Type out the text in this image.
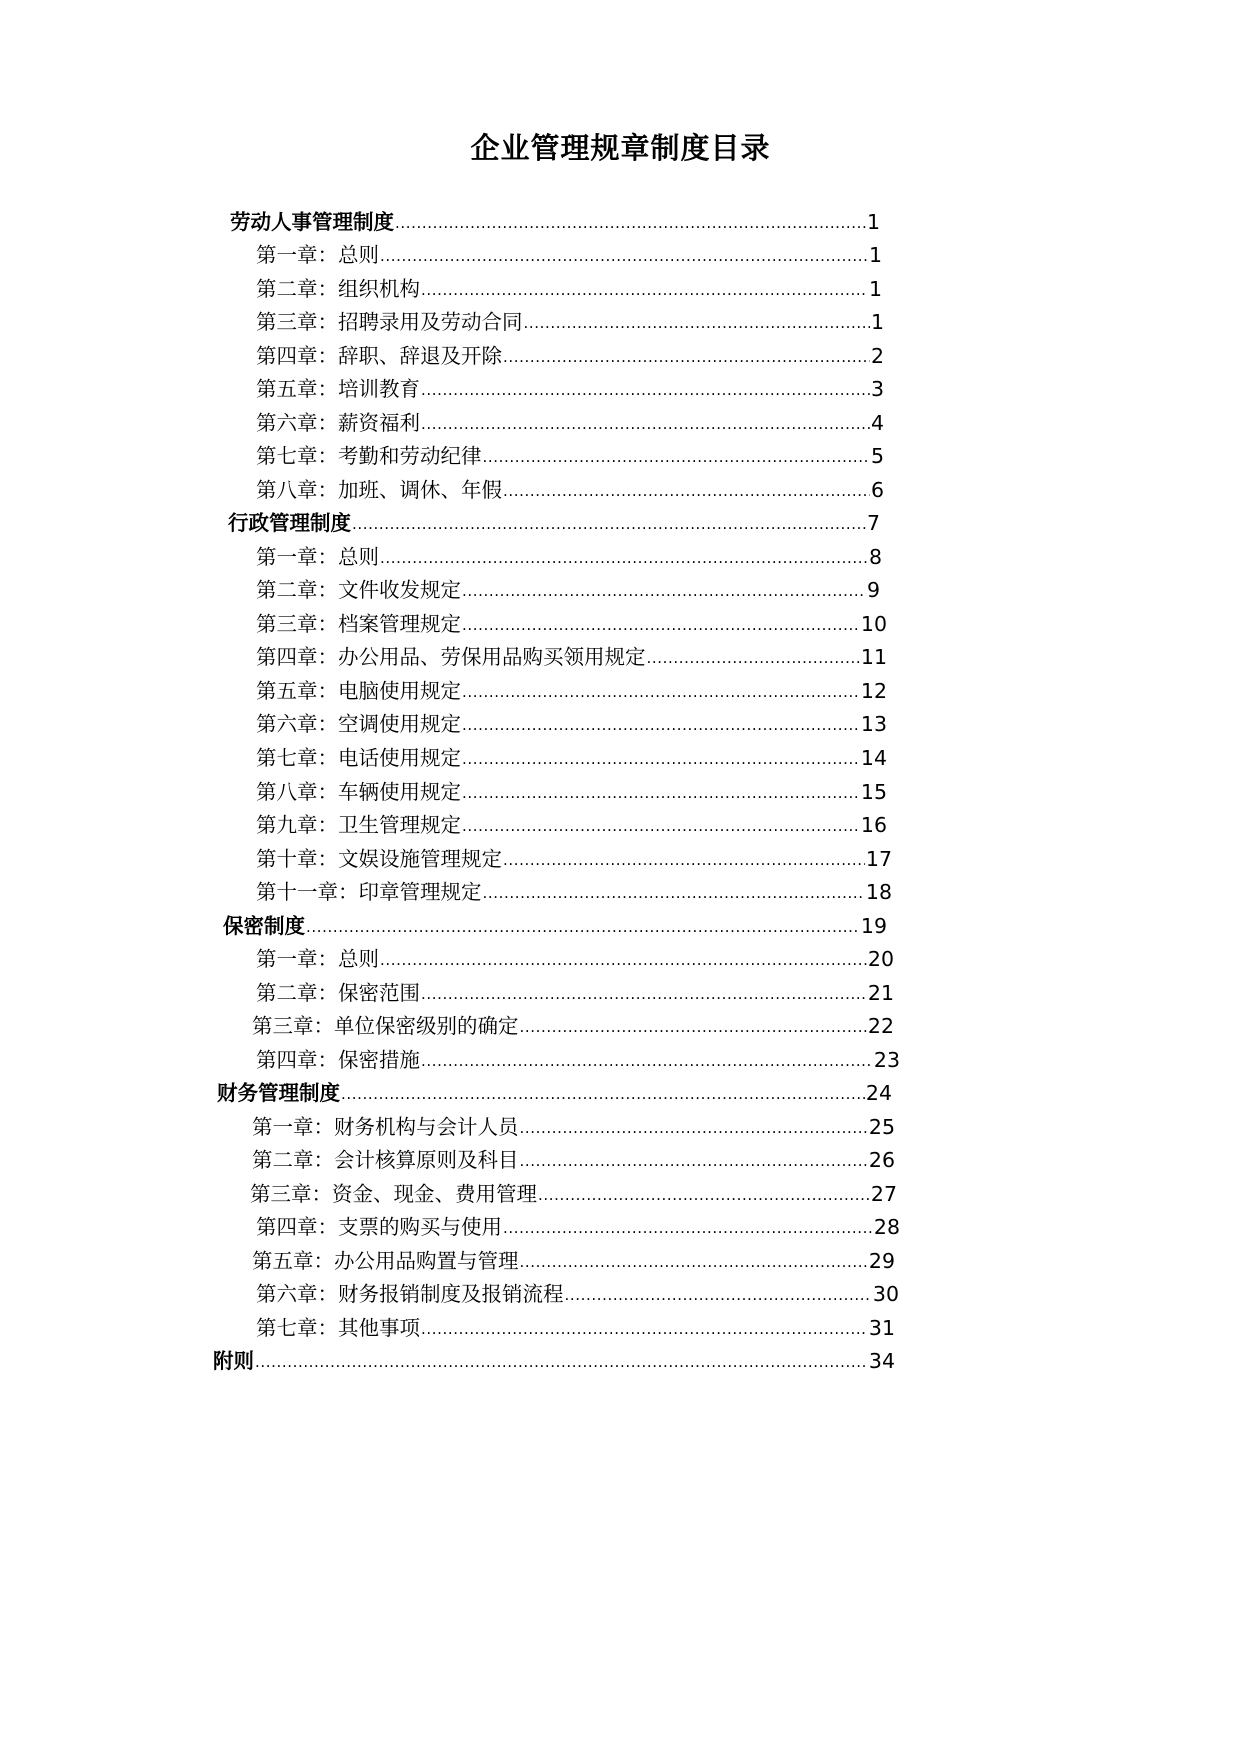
企业管理规章制度目录
劳动人事管理制度 .....	1
第一章：总则 .....	1
第二章：组织机构 .....	1
第三章：招聘录用及劳动合同 .....	1
第四章：辞职、辞退及开除 .....	2
第五章：培训教育 .....	3
第六章：薪资福利 .....	4
第七章：考勤和劳动纪律 .....	5
第八章：加班、调休、年假 .....	6
行政管理制度 .....	7
第一章：总则 .....	8
第二章：文件收发规定 .....	9
第三章：档案管理规定 .....	10
第四章：办公用品、劳保用品购买领用规定 .....	11
第五章：电脑使用规定 .....	12
第六章：空调使用规定 .....	13
第七章：电话使用规定 .....	14
第八章：车辆使用规定 .....	15
第九章：卫生管理规定 .....	16
第十章：文娱设施管理规定 .....	17
第十一章：印章管理规定 .....	18
保密制度 .....	19
第一章：总则 .....	20
第二章：保密范围 .....	21
第三章：单位保密级别的确定 .....	22
第四章：保密措施 .....	23
财务管理制度 .....	24
第一章：财务机构与会计人员 .....	25
第二章：会计核算原则及科目 .....	26
第三章：资金、现金、费用管理 .....	27
第四章：支票的购买与使用 .....	28
第五章：办公用品购置与管理 .....	29
第六章：财务报销制度及报销流程 .....	30
第七章：其他事项 .....	31
附则 .....	34
